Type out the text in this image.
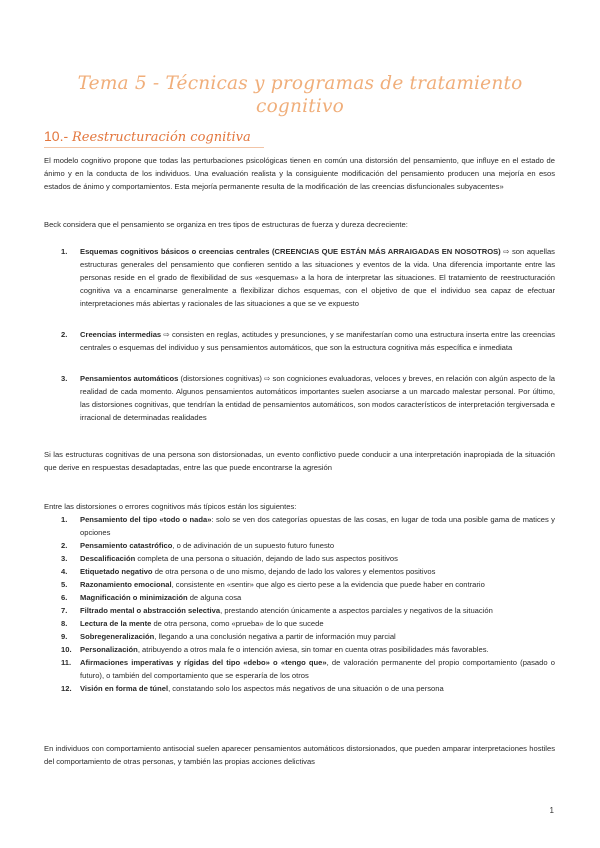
Tema 5 - Técnicas y programas de tratamiento cognitivo
10.- Reestructuración cognitiva
El modelo cognitivo propone que todas las perturbaciones psicológicas tienen en común una distorsión del pensamiento, que influye en el estado de ánimo y en la conducta de los individuos. Una evaluación realista y la consiguiente modificación del pensamiento producen una mejoría en esos estados de ánimo y comportamientos. Esta mejoría permanente resulta de la modificación de las creencias disfuncionales subyacentes»
Beck considera que el pensamiento se organiza en tres tipos de estructuras de fuerza y dureza decreciente:
1. Esquemas cognitivos básicos o creencias centrales (CREENCIAS QUE ESTÁN MÁS ARRAIGADAS EN NOSOTROS) ⇨ son aquellas estructuras generales del pensamiento que confieren sentido a las situaciones y eventos de la vida. Una diferencia importante entre las personas reside en el grado de flexibilidad de sus «esquemas» a la hora de interpretar las situaciones. El tratamiento de reestructuración cognitiva va a encaminarse generalmente a flexibilizar dichos esquemas, con el objetivo de que el individuo sea capaz de efectuar interpretaciones más abiertas y racionales de las situaciones a que se ve expuesto
2. Creencias intermedias ⇨ consisten en reglas, actitudes y presunciones, y se manifestarían como una estructura inserta entre las creencias centrales o esquemas del individuo y sus pensamientos automáticos, que son la estructura cognitiva más específica e inmediata
3. Pensamientos automáticos (distorsiones cognitivas) ⇨ son cogniciones evaluadoras, veloces y breves, en relación con algún aspecto de la realidad de cada momento. Algunos pensamientos automáticos importantes suelen asociarse a un marcado malestar personal. Por último, las distorsiones cognitivas, que tendrían la entidad de pensamientos automáticos, son modos característicos de interpretación tergiversada e irracional de determinadas realidades
Si las estructuras cognitivas de una persona son distorsionadas, un evento conflictivo puede conducir a una interpretación inapropiada de la situación que derive en respuestas desadaptadas, entre las que puede encontrarse la agresión
Entre las distorsiones o errores cognitivos más típicos están los siguientes:
1. Pensamiento del tipo «todo o nada»: solo se ven dos categorías opuestas de las cosas, en lugar de toda una posible gama de matices y opciones
2. Pensamiento catastrófico, o de adivinación de un supuesto futuro funesto
3. Descalificación completa de una persona o situación, dejando de lado sus aspectos positivos
4. Etiquetado negativo de otra persona o de uno mismo, dejando de lado los valores y elementos positivos
5. Razonamiento emocional, consistente en «sentir» que algo es cierto pese a la evidencia que puede haber en contrario
6. Magnificación o minimización de alguna cosa
7. Filtrado mental o abstracción selectiva, prestando atención únicamente a aspectos parciales y negativos de la situación
8. Lectura de la mente de otra persona, como «prueba» de lo que sucede
9. Sobregeneralización, llegando a una conclusión negativa a partir de información muy parcial
10. Personalización, atribuyendo a otros mala fe o intención aviesa, sin tomar en cuenta otras posibilidades más favorables.
11. Afirmaciones imperativas y rígidas del tipo «debo» o «tengo que», de valoración permanente del propio comportamiento (pasado o futuro), o también del comportamiento que se esperaría de los otros
12. Visión en forma de túnel, constatando solo los aspectos más negativos de una situación o de una persona
En individuos con comportamiento antisocial suelen aparecer pensamientos automáticos distorsionados, que pueden amparar interpretaciones hostiles del comportamiento de otras personas, y también las propias acciones delictivas
1
